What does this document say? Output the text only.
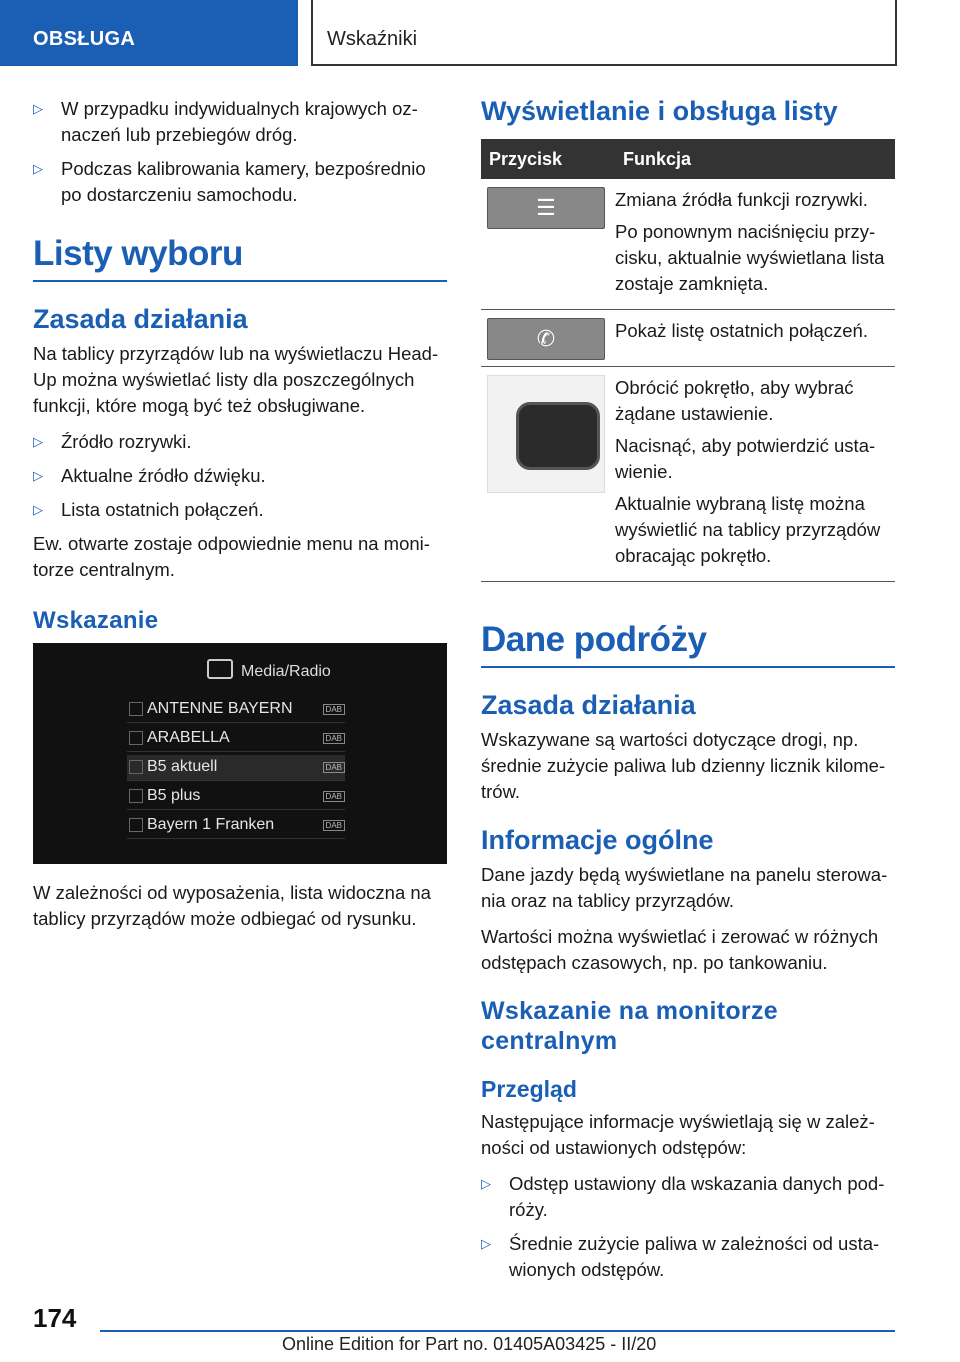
OBSŁUGA	Wskaźniki
▷ W przypadku indywidualnych krajowych oznaczeń lub przebiegów dróg.
▷ Podczas kalibrowania kamery, bezpośrednio po dostarczeniu samochodu.
Listy wyboru
Zasada działania

Na tablicy przyrządów lub na wyświetlaczu Head-Up można wyświetlać listy dla poszczególnych funkcji, które mogą być też obsługiwane.

▷ Źródło rozrywki.
▷ Aktualne źródło dźwięku.
▷ Lista ostatnich połączeń.

Ew. otwarte zostaje odpowiednie menu na monitorze centralnym.

Wskazanie
Media/Radio
ANTENNE BAYERN	DAB
ARABELLA	DAB
B5 aktuell	DAB
B5 plus	DAB
Bayern 1 Franken	DAB

W zależności od wyposażenia, lista widoczna na tablicy przyrządów może odbiegać od rysunku.

Wyświetlanie i obsługa listy
Przycisk	Funkcja

☰	Zmiana źródła funkcji rozrywki.

Po ponownym naciśnięciu przycisku, aktualnie wyświetlana lista zostaje zamknięta.

✆	Pokaż listę ostatnich połączeń.

	Obrócić pokrętło, aby wybrać żądane ustawienie.

Nacisnąć, aby potwierdzić ustawienie.

Aktualnie wybraną listę można wyświetlić na tablicy przyrządów obracając pokrętło.

Dane podróży
Zasada działania

Wskazywane są wartości dotyczące drogi, np. średnie zużycie paliwa lub dzienny licznik kilometrów.

Informacje ogólne

Dane jazdy będą wyświetlane na panelu sterowania oraz na tablicy przyrządów.

Wartości można wyświetlać i zerować w różnych odstępach czasowych, np. po tankowaniu.

Wskazanie na monitorze centralnym
Przegląd

Następujące informacje wyświetlają się w zależności od ustawionych odstępów:

▷ Odstęp ustawiony dla wskazania danych podróży.
▷ Średnie zużycie paliwa w zależności od ustawionych odstępów.
174
Online Edition for Part no. 01405A03425 - II/20
